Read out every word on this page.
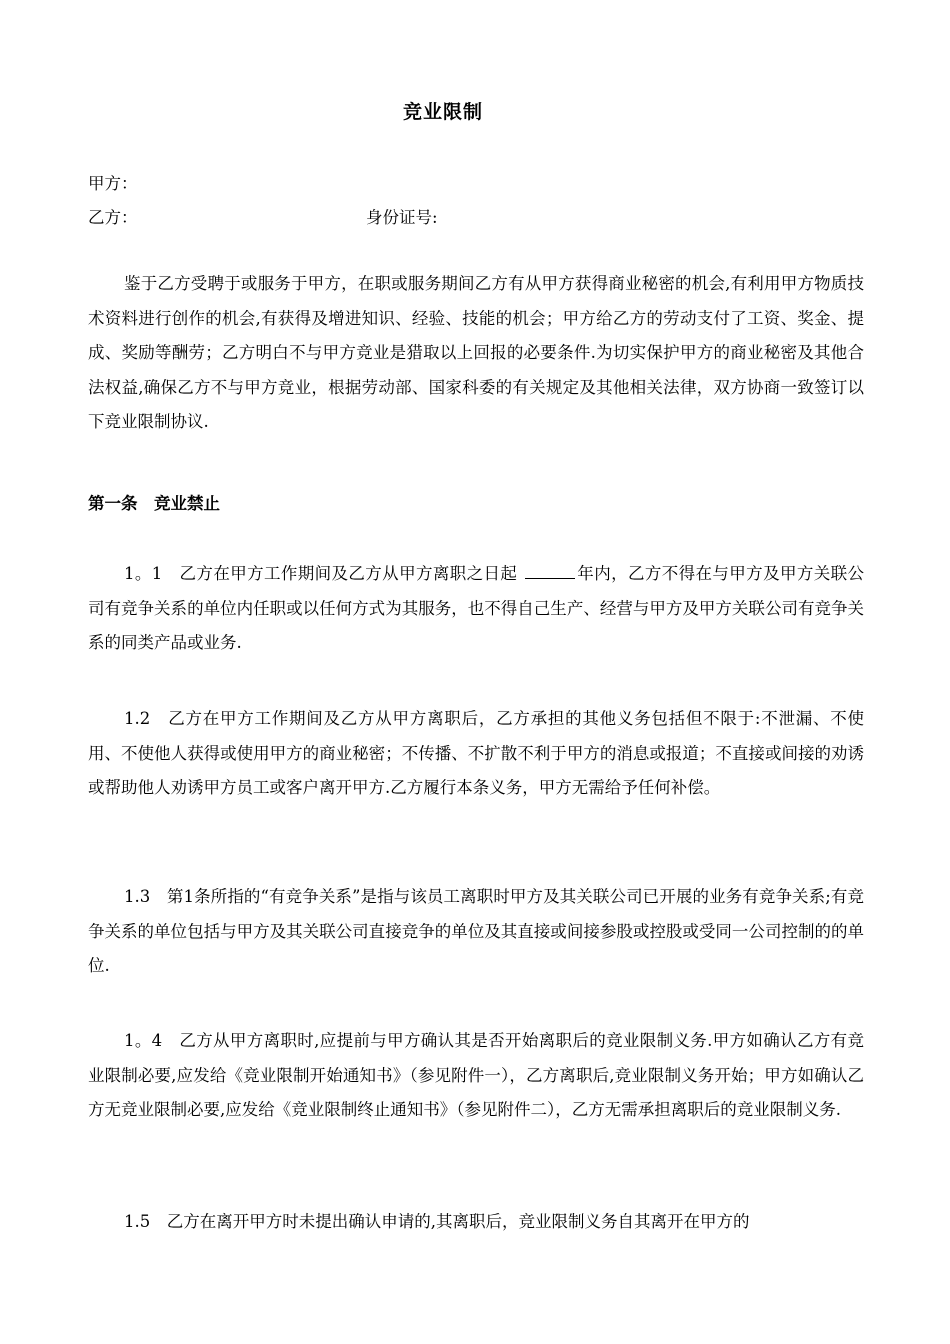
竞业限制
甲方：
乙方：	身份证号:

鉴于乙方受聘于或服务于甲方，在职或服务期间乙方有从甲方获得商业秘密的机会,有利用甲方物质技术资料进行创作的机会,有获得及增进知识、经验、技能的机会；甲方给乙方的劳动支付了工资、奖金、提成、奖励等酬劳；乙方明白不与甲方竞业是猎取以上回报的必要条件.为切实保护甲方的商业秘密及其他合法权益,确保乙方不与甲方竞业，根据劳动部、国家科委的有关规定及其他相关法律，双方协商一致签订以下竞业限制协议.

第一条　竞业禁止

1。1　乙方在甲方工作期间及乙方从甲方离职之日起	年内，乙方不得在与甲方及甲方关联公司有竞争关系的单位内任职或以任何方式为其服务，也不得自己生产、经营与甲方及甲方关联公司有竞争关系的同类产品或业务.

1.2　乙方在甲方工作期间及乙方从甲方离职后，乙方承担的其他义务包括但不限于:不泄漏、不使用、不使他人获得或使用甲方的商业秘密；不传播、不扩散不利于甲方的消息或报道；不直接或间接的劝诱或帮助他人劝诱甲方员工或客户离开甲方.乙方履行本条义务，甲方无需给予任何补偿。

1.3　第1条所指的“有竞争关系”是指与该员工离职时甲方及其关联公司已开展的业务有竞争关系;有竞争关系的单位包括与甲方及其关联公司直接竞争的单位及其直接或间接参股或控股或受同一公司控制的的单位.

1。4　乙方从甲方离职时,应提前与甲方确认其是否开始离职后的竞业限制义务.甲方如确认乙方有竞业限制必要,应发给《竞业限制开始通知书》（参见附件一），乙方离职后,竞业限制义务开始；甲方如确认乙方无竞业限制必要,应发给《竞业限制终止通知书》（参见附件二），乙方无需承担离职后的竞业限制义务.

1.5　乙方在离开甲方时未提出确认申请的,其离职后，竞业限制义务自其离开在甲方的
